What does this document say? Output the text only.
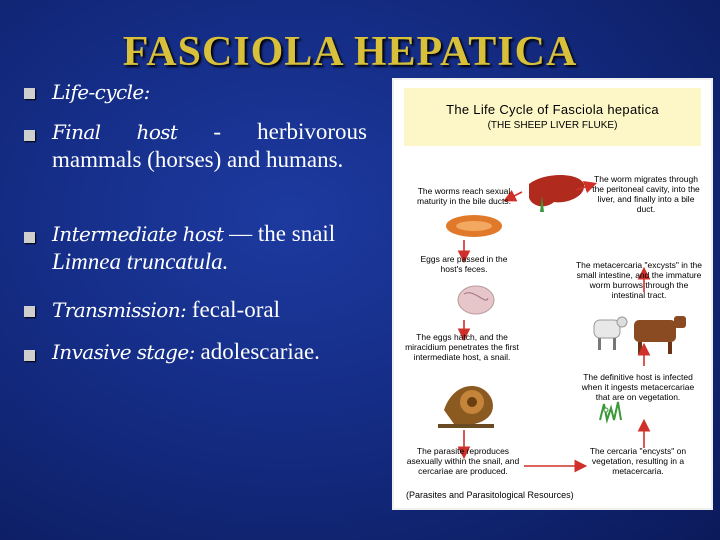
FASCIOLA HEPATICA
Life-cycle:
Final host - herbivorous mammals (horses) and humans.
Intermediate host — the snail
Limnea truncatula.
Transmission: fecal-oral
Invasive stage: adolescariae.
The Life Cycle of Fasciola hepatica
(THE SHEEP LIVER FLUKE)
The worms reach sexual maturity in the bile ducts.
The worm migrates through the peritoneal cavity, into the liver, and finally into a bile duct.
Eggs are passed in the host's feces.	The metacercaria "excysts" in the small intestine, and the immature worm burrows through the intestinal tract.
The eggs hatch, and the miracidium penetrates the first intermediate host, a snail.
The definitive host is infected when it ingests metacercariae that are on vegetation.
The parasite reproduces asexually within the snail, and cercariae are produced.
The cercaria "encysts" on vegetation, resulting in a metacercaria.
(Parasites and Parasitological Resources)
